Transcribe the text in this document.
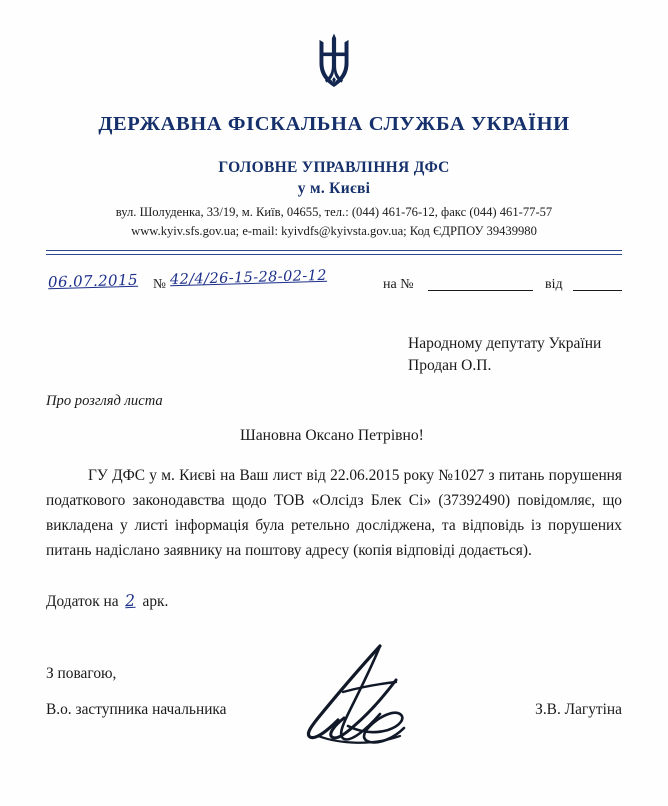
ДЕРЖАВНА ФІСКАЛЬНА СЛУЖБА УКРАЇНИ
ГОЛОВНЕ УПРАВЛІННЯ ДФС
у м. Києві
вул. Шолуденка, 33/19, м. Київ, 04655, тел.: (044) 461-76-12, факс (044) 461-77-57
www.kyiv.sfs.gov.ua; e-mail: kyivdfs@kyivsta.gov.ua; Код ЄДРПОУ 39439980
06.07.2015 № 42/4/26-15-28-02-12	на №	від
Народному депутату України
Продан О.П.
Про розгляд листа
Шановна Оксано Петрівно!
ГУ ДФС у м. Києві на Ваш лист від 22.06.2015 року №1027 з питань порушення податкового законодавства щодо ТОВ «Олсідз Блек Сі» (37392490) повідомляє, що викладена у листі інформація була ретельно досліджена, та відповідь із порушених питань надіслано заявнику на поштову адресу (копія відповіді додається).
Додаток на 2 арк.
З повагою,
В.о. заступника начальника	З.В. Лагутіна
